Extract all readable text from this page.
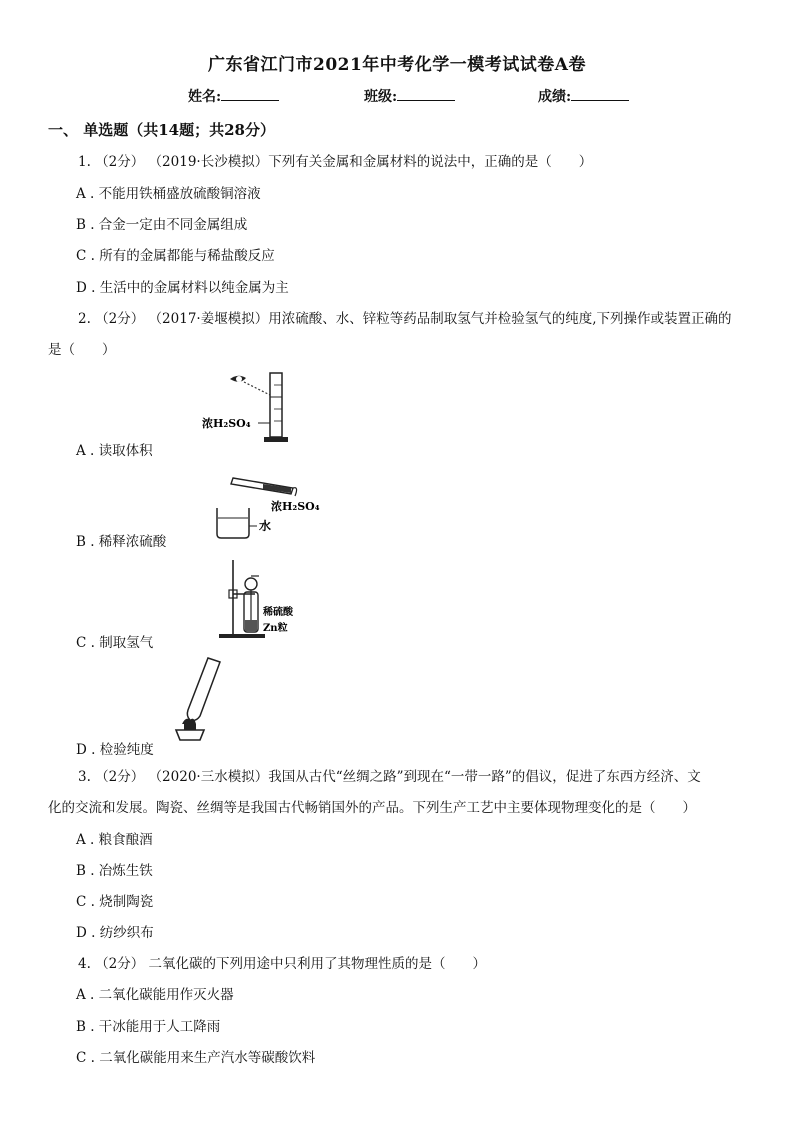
广东省江门市2021年中考化学一模考试试卷A卷
姓名:	班级:	成绩:
一、 单选题（共14题；共28分）
1. （2分） （2019·长沙模拟）下列有关金属和金属材料的说法中，正确的是（　　）
A . 不能用铁桶盛放硫酸铜溶液
B . 合金一定由不同金属组成
C . 所有的金属都能与稀盐酸反应
D . 生活中的金属材料以纯金属为主
2. （2分） （2017·姜堰模拟）用浓硫酸、水、锌粒等药品制取氢气并检验氢气的纯度,下列操作或装置正确的
是（　　）
浓H₂SO₄
A . 读取体积
浓H₂SO₄
水
B . 稀释浓硫酸
稀硫酸
Zn粒
C . 制取氢气
D . 检验纯度
3. （2分） （2020·三水模拟）我国从古代“丝绸之路”到现在“一带一路”的倡议，促进了东西方经济、文
化的交流和发展。陶瓷、丝绸等是我国古代畅销国外的产品。下列生产工艺中主要体现物理变化的是（　　）
A . 粮食酿酒
B . 冶炼生铁
C . 烧制陶瓷
D . 纺纱织布
4. （2分） 二氧化碳的下列用途中只利用了其物理性质的是（　　）
A . 二氧化碳能用作灭火器
B . 干冰能用于人工降雨
C . 二氧化碳能用来生产汽水等碳酸饮料
